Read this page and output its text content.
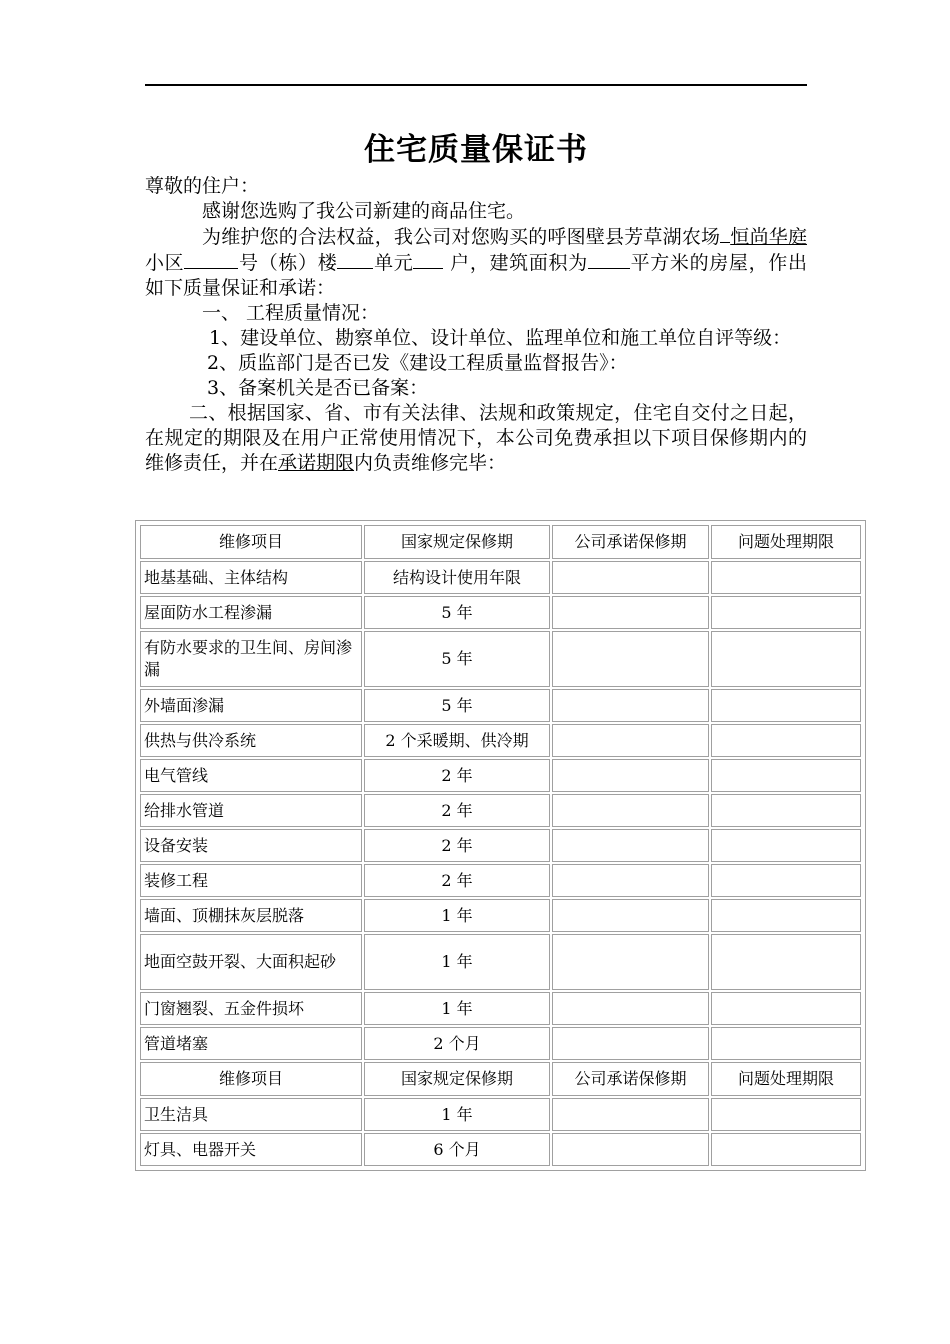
住宅质量保证书

尊敬的住户：

感谢您选购了我公司新建的商品住宅。

为维护您的合法权益，我公司对您购买的呼图壁县芳草湖农场 恒尚华庭 小区	号（栋）楼 单元 户，建筑面积为 平方米的房屋，作出如下质量保证和承诺：

一、 工程质量情况：

1、建设单位、勘察单位、设计单位、监理单位和施工单位自评等级：

2、质监部门是否已发《建设工程质量监督报告》：

3、备案机关是否已备案：

二、根据国家、省、市有关法律、法规和政策规定，住宅自交付之日起，在规定的期限及在用户正常使用情况下，本公司免费承担以下项目保修期内的维修责任，并在承诺期限内负责维修完毕：

维修项目	国家规定保修期	公司承诺保修期	问题处理期限
地基基础、主体结构	结构设计使用年限		
屋面防水工程渗漏	5 年		
有防水要求的卫生间、房间渗漏	5 年		
外墙面渗漏	5 年		
供热与供冷系统	2 个采暖期、供冷期		
电气管线	2 年		
给排水管道	2 年		
设备安装	2 年		
装修工程	2 年		
墙面、顶棚抹灰层脱落	1 年		
地面空鼓开裂、大面积起砂	1 年		
门窗翘裂、五金件损坏	1 年		
管道堵塞	2 个月		
维修项目	国家规定保修期	公司承诺保修期	问题处理期限
卫生洁具	1 年		
灯具、电器开关	6 个月		
